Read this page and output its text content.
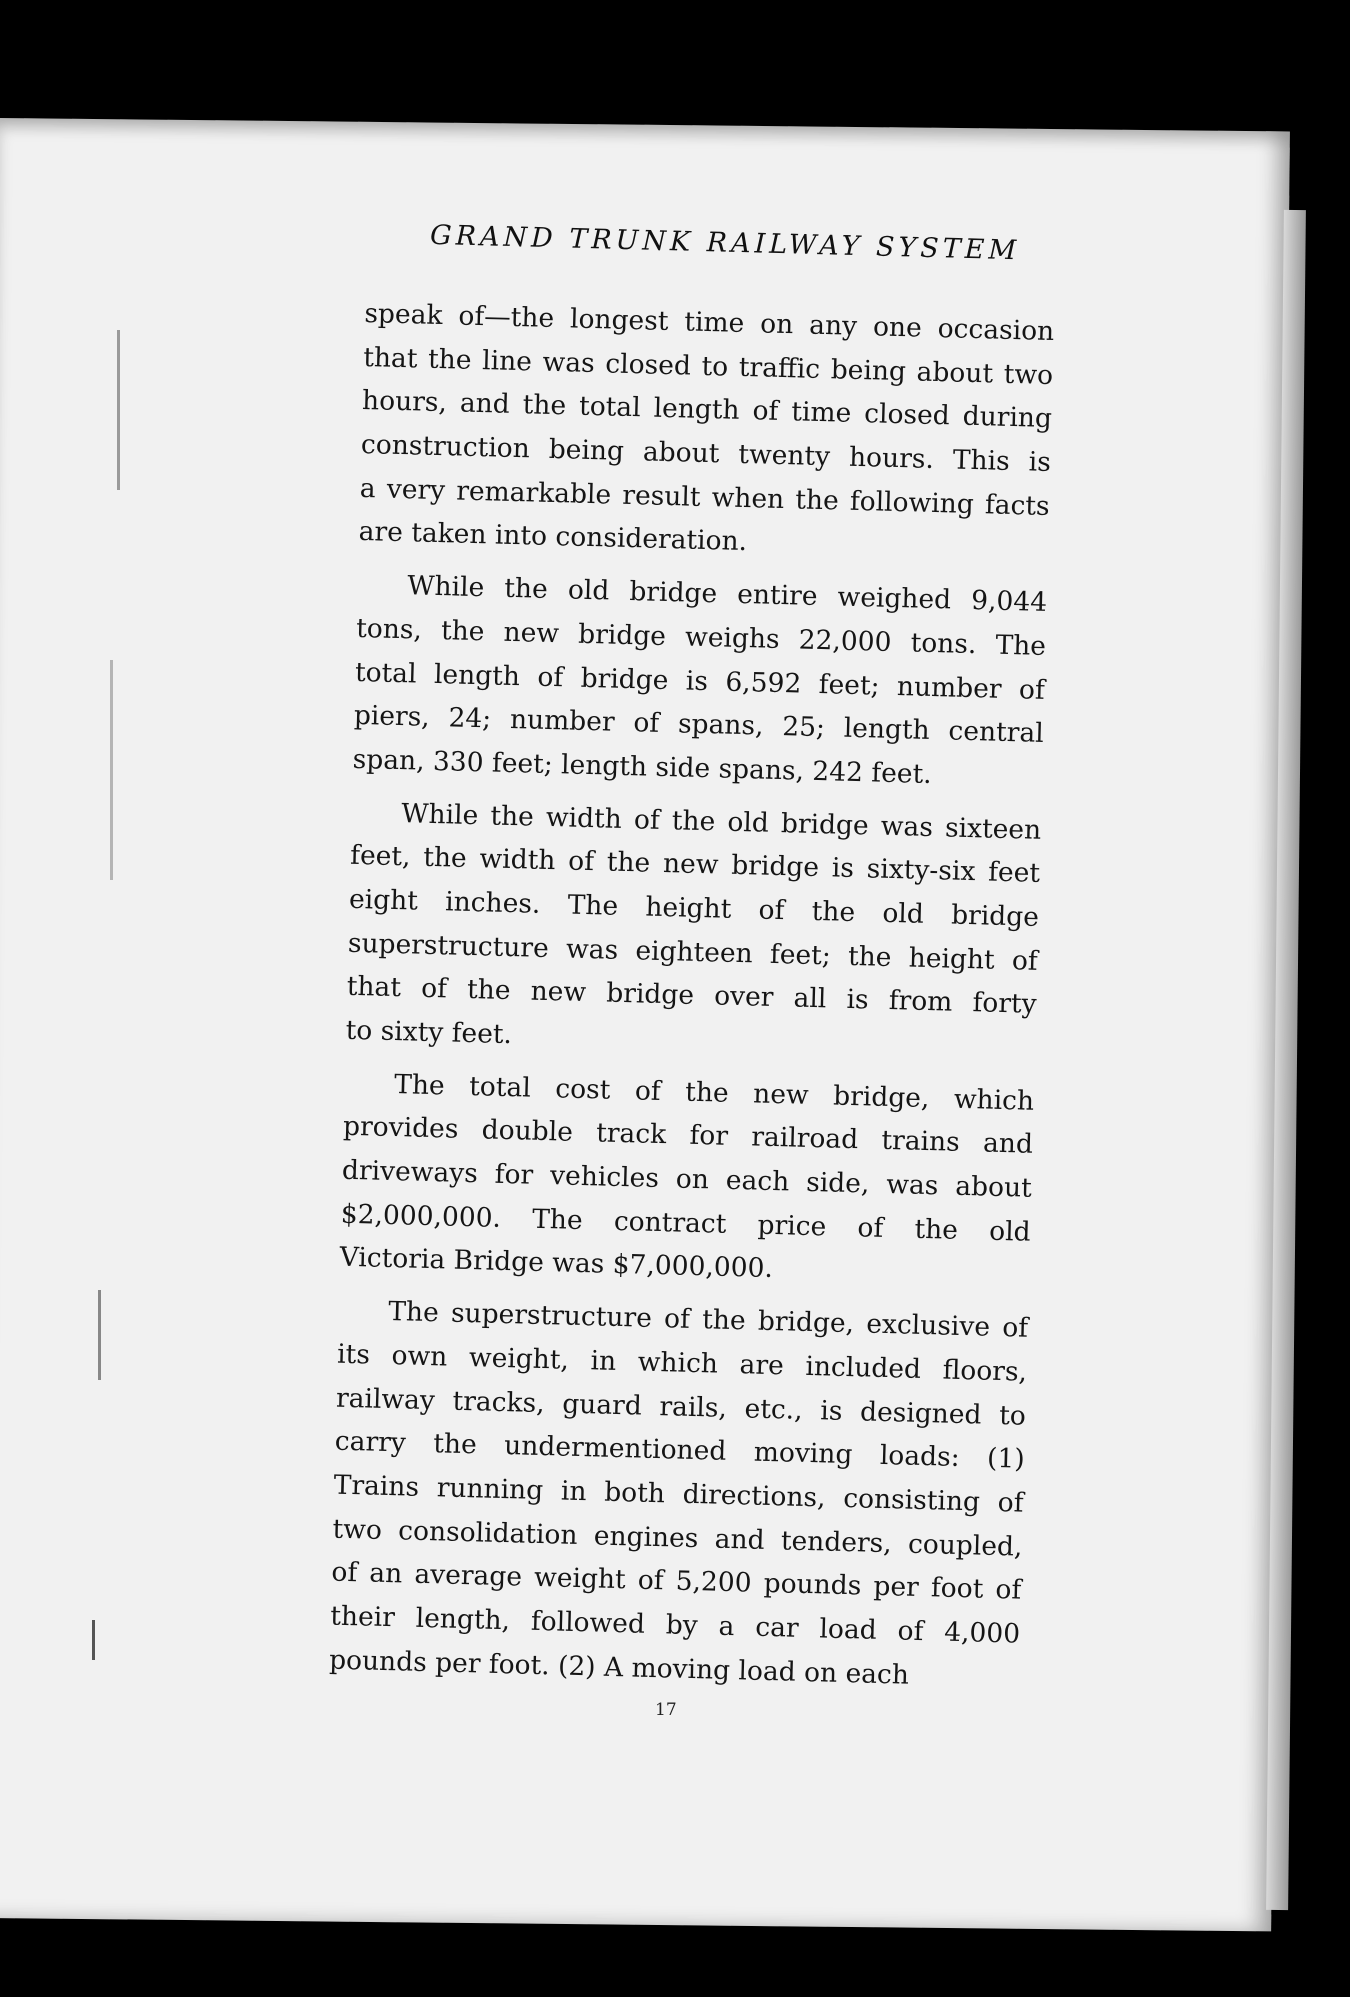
GRAND TRUNK RAILWAY SYSTEM
speak of—the longest time on any one occasion
that the line was closed to traffic being about two
hours, and the total length of time closed during
construction being about twenty hours. This is
a very remarkable result when the following facts
are taken into consideration.
While the old bridge entire weighed 9,044
tons, the new bridge weighs 22,000 tons. The
total length of bridge is 6,592 feet; number of
piers, 24; number of spans, 25; length central
span, 330 feet; length side spans, 242 feet.
While the width of the old bridge was sixteen
feet, the width of the new bridge is sixty-six feet
eight inches. The height of the old bridge
superstructure was eighteen feet; the height of
that of the new bridge over all is from forty
to sixty feet.
The total cost of the new bridge, which
provides double track for railroad trains and
driveways for vehicles on each side, was about
$2,000,000. The contract price of the old
Victoria Bridge was $7,000,000.
The superstructure of the bridge, exclusive of
its own weight, in which are included floors,
railway tracks, guard rails, etc., is designed to
carry the undermentioned moving loads: (1)
Trains running in both directions, consisting of
two consolidation engines and tenders, coupled,
of an average weight of 5,200 pounds per foot of
their length, followed by a car load of 4,000
pounds per foot. (2) A moving load on each
17
